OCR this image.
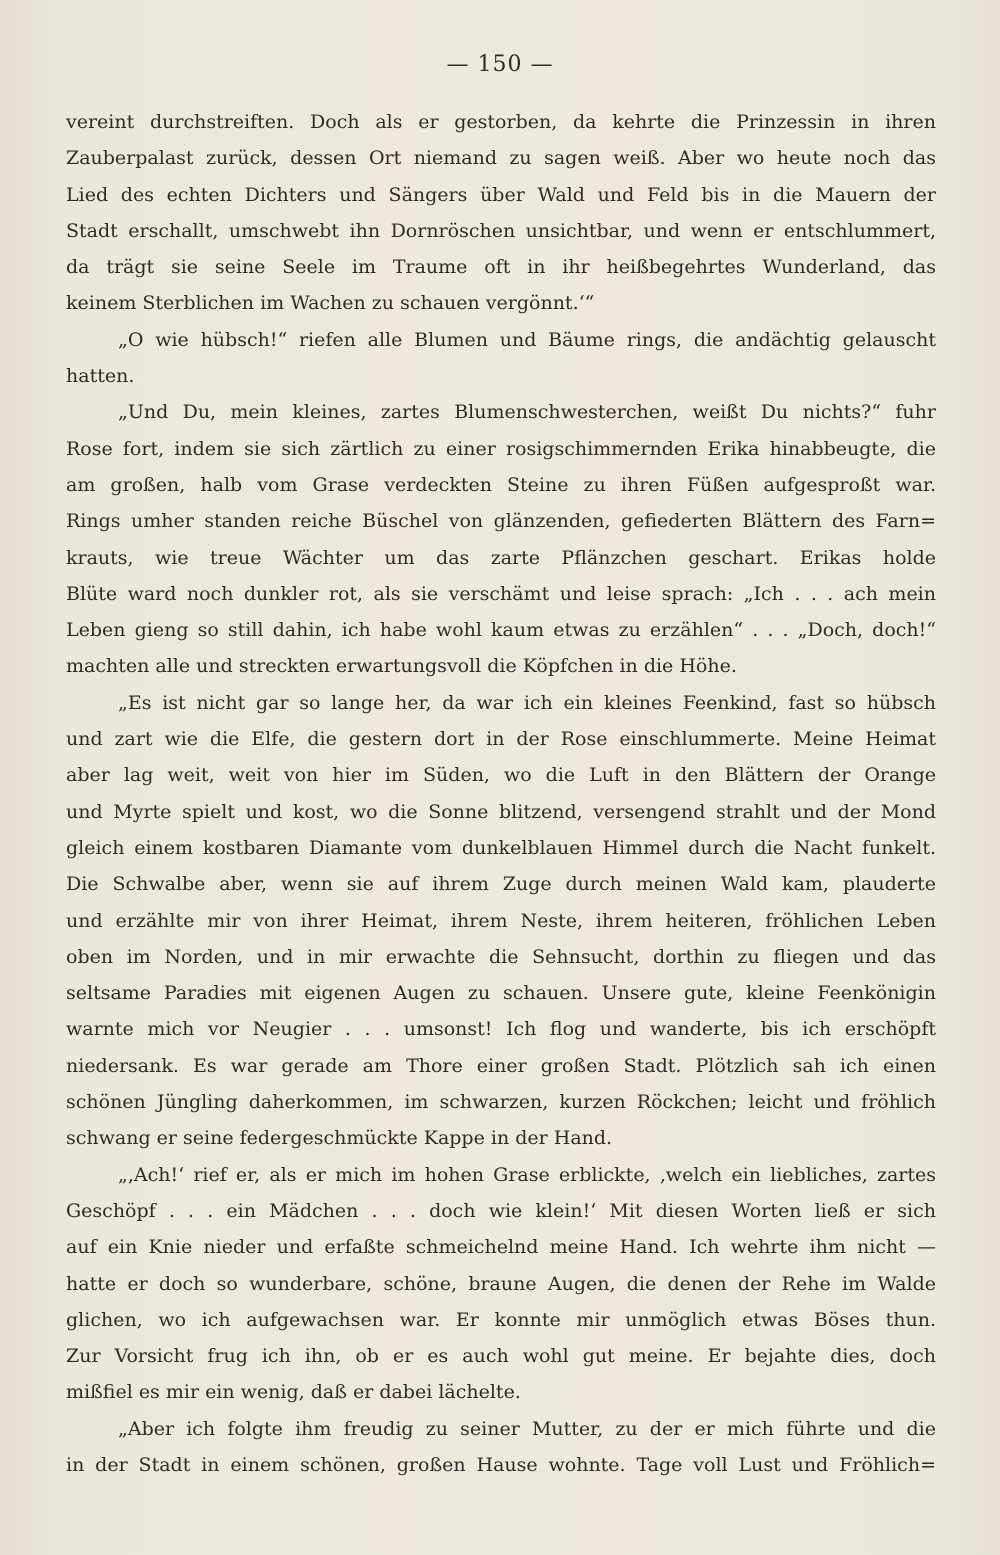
— 150 —
vereint durchstreiften. Doch als er gestorben, da kehrte die Prinzessin in ihren
Zauberpalast zurück, dessen Ort niemand zu sagen weiß. Aber wo heute noch das
Lied des echten Dichters und Sängers über Wald und Feld bis in die Mauern der
Stadt erschallt, umschwebt ihn Dornröschen unsichtbar, und wenn er entschlummert,
da trägt sie seine Seele im Traume oft in ihr heißbegehrtes Wunderland, das
keinem Sterblichen im Wachen zu schauen vergönnt.‘“
„O wie hübsch!“ riefen alle Blumen und Bäume rings, die andächtig gelauscht
hatten.
„Und Du, mein kleines, zartes Blumenschwesterchen, weißt Du nichts?“ fuhr
Rose fort, indem sie sich zärtlich zu einer rosigschimmernden Erika hinabbeugte, die
am großen, halb vom Grase verdeckten Steine zu ihren Füßen aufgesproßt war.
Rings umher standen reiche Büschel von glänzenden, gefiederten Blättern des Farn=
krauts, wie treue Wächter um das zarte Pflänzchen geschart. Erikas holde
Blüte ward noch dunkler rot, als sie verschämt und leise sprach: „Ich . . . ach mein
Leben gieng so still dahin, ich habe wohl kaum etwas zu erzählen“ . . . „Doch, doch!“
machten alle und streckten erwartungsvoll die Köpfchen in die Höhe.
„Es ist nicht gar so lange her, da war ich ein kleines Feenkind, fast so hübsch
und zart wie die Elfe, die gestern dort in der Rose einschlummerte. Meine Heimat
aber lag weit, weit von hier im Süden, wo die Luft in den Blättern der Orange
und Myrte spielt und kost, wo die Sonne blitzend, versengend strahlt und der Mond
gleich einem kostbaren Diamante vom dunkelblauen Himmel durch die Nacht funkelt.
Die Schwalbe aber, wenn sie auf ihrem Zuge durch meinen Wald kam, plauderte
und erzählte mir von ihrer Heimat, ihrem Neste, ihrem heiteren, fröhlichen Leben
oben im Norden, und in mir erwachte die Sehnsucht, dorthin zu fliegen und das
seltsame Paradies mit eigenen Augen zu schauen. Unsere gute, kleine Feenkönigin
warnte mich vor Neugier . . . umsonst! Ich flog und wanderte, bis ich erschöpft
niedersank. Es war gerade am Thore einer großen Stadt. Plötzlich sah ich einen
schönen Jüngling daherkommen, im schwarzen, kurzen Röckchen; leicht und fröhlich
schwang er seine federgeschmückte Kappe in der Hand.
„‚Ach!‘ rief er, als er mich im hohen Grase erblickte, ‚welch ein liebliches, zartes
Geschöpf . . . ein Mädchen . . . doch wie klein!‘ Mit diesen Worten ließ er sich
auf ein Knie nieder und erfaßte schmeichelnd meine Hand. Ich wehrte ihm nicht —
hatte er doch so wunderbare, schöne, braune Augen, die denen der Rehe im Walde
glichen, wo ich aufgewachsen war. Er konnte mir unmöglich etwas Böses thun.
Zur Vorsicht frug ich ihn, ob er es auch wohl gut meine. Er bejahte dies, doch
mißfiel es mir ein wenig, daß er dabei lächelte.
„Aber ich folgte ihm freudig zu seiner Mutter, zu der er mich führte und die
in der Stadt in einem schönen, großen Hause wohnte. Tage voll Lust und Fröhlich=
